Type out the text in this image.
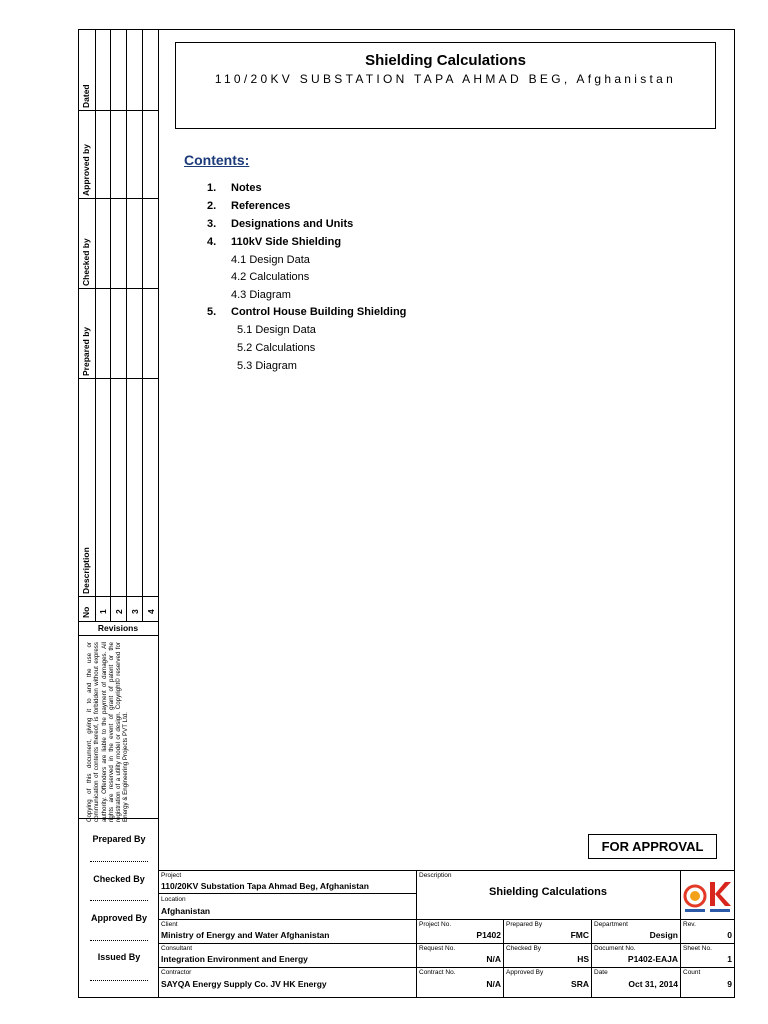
Shielding Calculations
110/20KV SUBSTATION TAPA AHMAD BEG, Afghanistan
Contents:
1. Notes
2. References
3. Designations and Units
4. 110kV Side Shielding
4.1 Design Data
4.2 Calculations
4.3 Diagram
5. Control House Building Shielding
5.1 Design Data
5.2 Calculations
5.3 Diagram
Dated
Approved by
Checked by
Prepared by
Description
No 1 2 3 4
Revisions
Copying of this document, giving it to and the use or communication of contents thereof, is forbidden without express authority. Offenders are liable to the payment of damages. All rights are reserved in the event of grant of patent or the registration of a utility model or design. Copyright© reserved for Energy & Engineering Projects PVT Ltd.
Prepared By
Checked By
Approved By
Issued By
FOR APPROVAL
Project
110/20KV Substation Tapa Ahmad Beg, Afghanistan
Location
Afghanistan
Description
Shielding Calculations
Client
Ministry of Energy and Water Afghanistan
Project No.
P1402
Prepared By
FMC
Department
Design
Rev.
0
Consultant
Integration Environment and Energy
Request No.
N/A
Checked By
HS
Document No.
P1402-EAJA
Sheet No.
1
Contractor
SAYQA Energy Supply Co. JV HK Energy
Contract No.
N/A
Approved By
SRA
Date
Oct 31, 2014
Count
9
